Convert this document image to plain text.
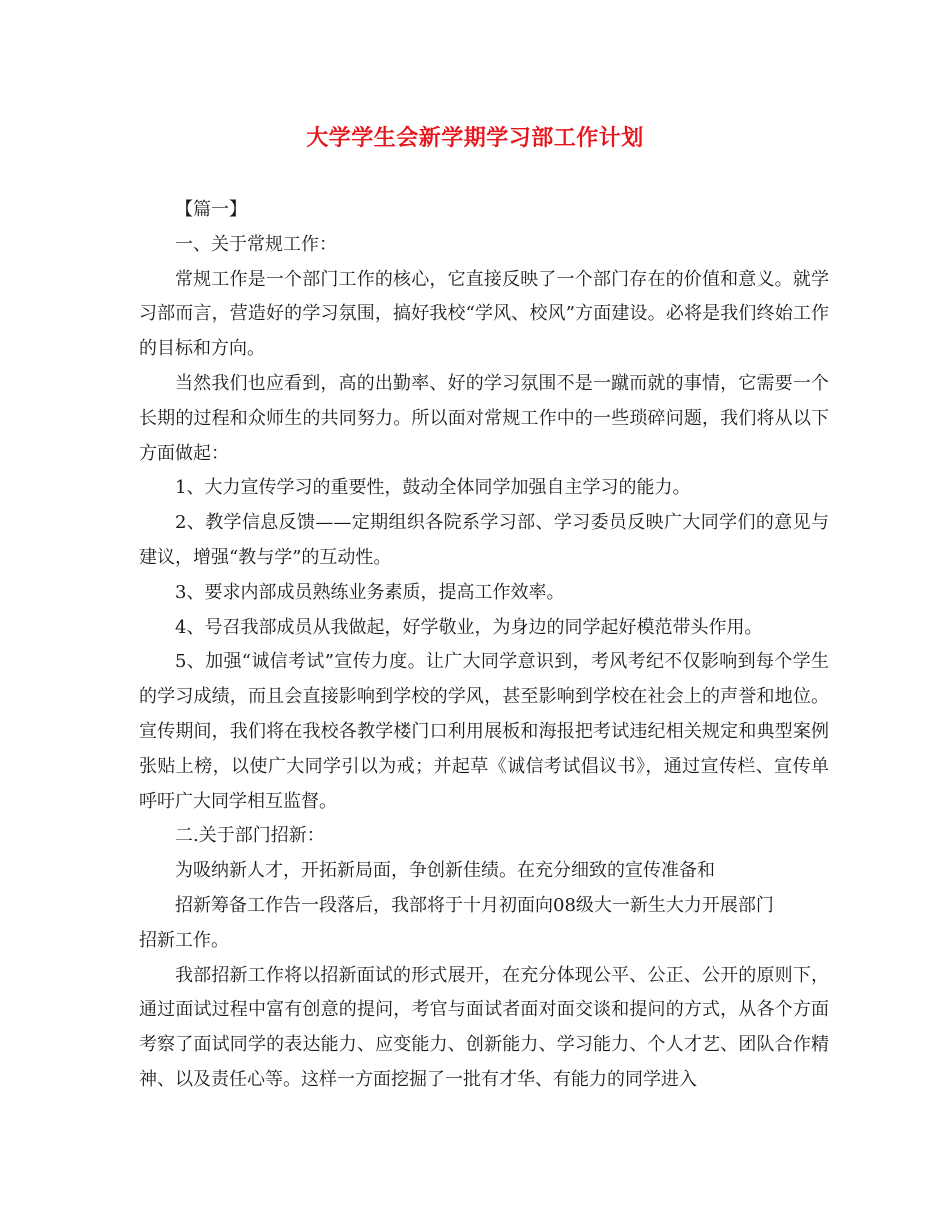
大学学生会新学期学习部工作计划

【篇一】

一、关于常规工作：

常规工作是一个部门工作的核心，它直接反映了一个部门存在的价值和意义。就学习部而言，营造好的学习氛围，搞好我校“学风、校风”方面建设。必将是我们终始工作的目标和方向。

当然我们也应看到，高的出勤率、好的学习氛围不是一蹴而就的事情，它需要一个长期的过程和众师生的共同努力。所以面对常规工作中的一些琐碎问题，我们将从以下方面做起：

1、大力宣传学习的重要性，鼓动全体同学加强自主学习的能力。

2、教学信息反馈——定期组织各院系学习部、学习委员反映广大同学们的意见与建议，增强“教与学”的互动性。

3、要求内部成员熟练业务素质，提高工作效率。

4、号召我部成员从我做起，好学敬业，为身边的同学起好模范带头作用。

5、加强“诚信考试”宣传力度。让广大同学意识到，考风考纪不仅影响到每个学生的学习成绩，而且会直接影响到学校的学风，甚至影响到学校在社会上的声誉和地位。宣传期间，我们将在我校各教学楼门口利用展板和海报把考试违纪相关规定和典型案例张贴上榜，以使广大同学引以为戒；并起草《诚信考试倡议书》，通过宣传栏、宣传单呼吁广大同学相互监督。

二.关于部门招新：

为吸纳新人才，开拓新局面，争创新佳绩。在充分细致的宣传准备和

招新筹备工作告一段落后，我部将于十月初面向08级大一新生大力开展部门

招新工作。

我部招新工作将以招新面试的形式展开，在充分体现公平、公正、公开的原则下，通过面试过程中富有创意的提问，考官与面试者面对面交谈和提问的方式，从各个方面考察了面试同学的表达能力、应变能力、创新能力、学习能力、个人才艺、团队合作精神、以及责任心等。这样一方面挖掘了一批有才华、有能力的同学进入
